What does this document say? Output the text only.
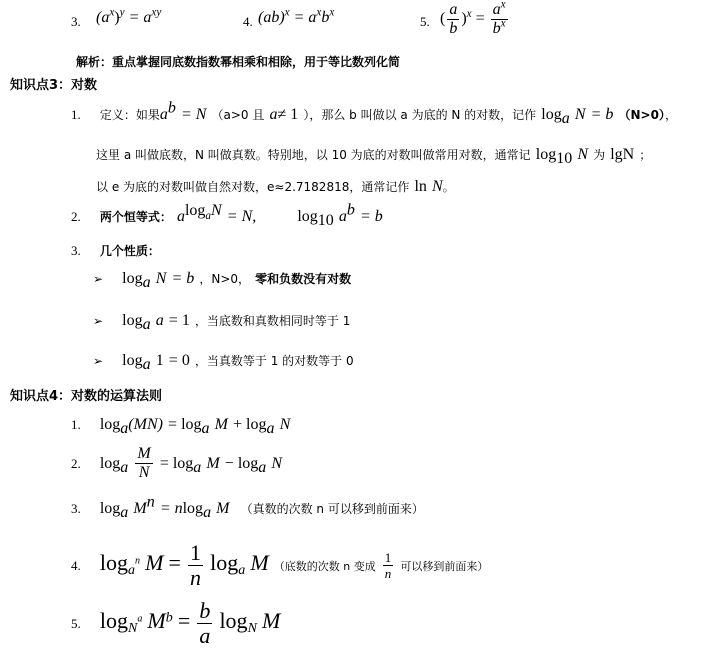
3. $(a^x)^y = a^{xy}$
4. $(ab)^x = a^xb^x$
5. ( $\frac{a}{b} )^x = \frac{a^x}{b^x}$
解析：重点掌握同底数指数幂相乘和相除，用于等比数列化简
知识点3：对数
1. 定义：如果$a^b = N$ （a>0 且 a≠ 1 ），那么 b 叫做以 a 为底的 N 的对数，记作 $\log_a N = b$ （N>0），
这里 a 叫做底数，N 叫做真数。特别地，以 10 为底的对数叫做常用对数，通常记 $\log_{10} N$ 为 lgN ；
以 e 为底的对数叫做自然对数，e≈2.7182818，通常记作 ln N。
2. 两个恒等式： $a^{log_aN} = N$,	$\log_{10} a^b = b$
3. 几个性质：
➢ $\log_a N = b$ ，N>0， 零和负数没有对数
➢ $\log_a a = 1$ ，当底数和真数相同时等于 1
➢ $\log_a 1 = 0$ ，当真数等于 1 的对数等于 0
知识点4：对数的运算法则
1. $\log_a(MN) = \log_a M + \log_a N$
2. $\log_a \frac{M}{N} = \log_a M - \log_a N$
3. $\log_a M^n = nlog_a$ M （真数的次数 n 可以移到前面来）
4. $\log_a^n M = \frac{1}{n} \log_a M$ （底数的次数 n 变成 $\frac{1}{n}$ 可以移到前面来）
5. $\log_N^a M^b = \frac{b}{a} \log_N M$
